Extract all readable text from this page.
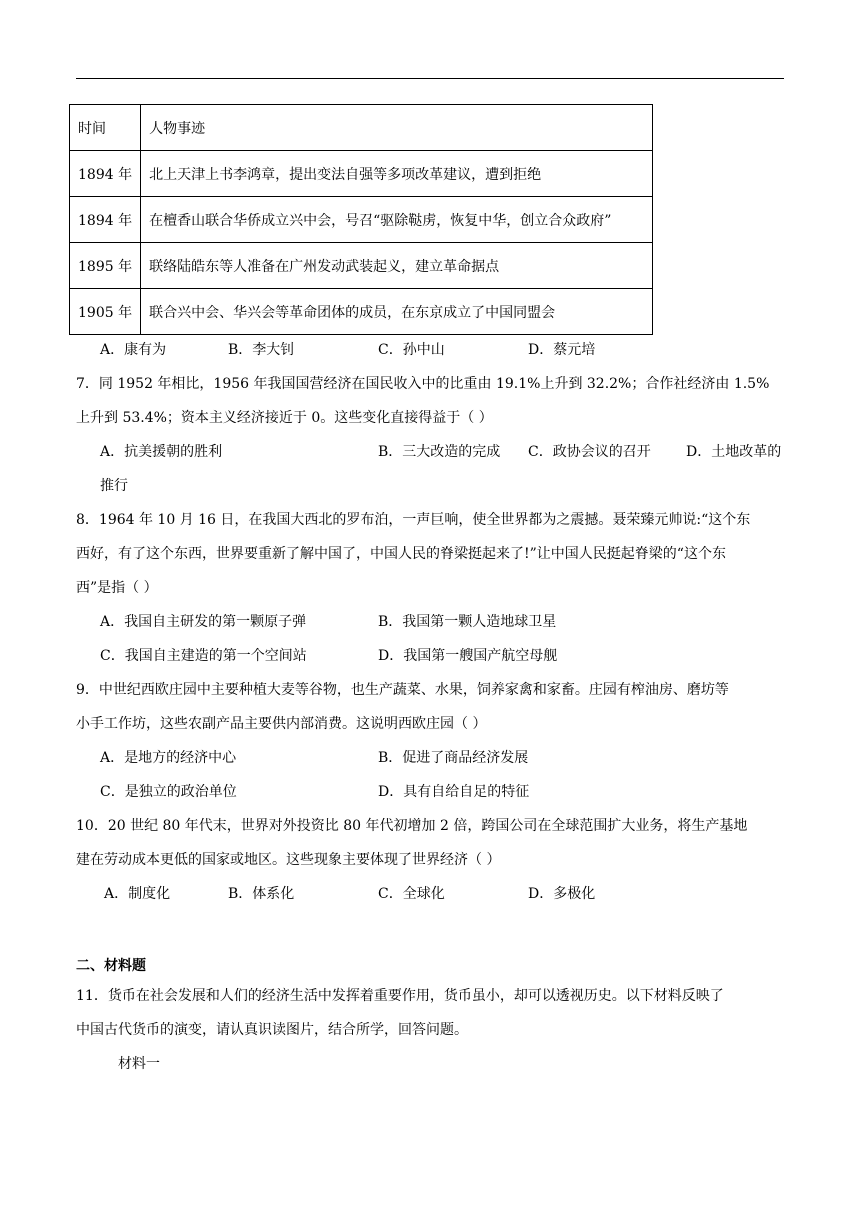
时间	人物事迹
1894 年	北上天津上书李鸿章，提出变法自强等多项改革建议，遭到拒绝
1894 年	在檀香山联合华侨成立兴中会，号召“驱除鞑虏，恢复中华，创立合众政府”
1895 年	联络陆皓东等人准备在广州发动武装起义，建立革命据点
1905 年	联合兴中会、华兴会等革命团体的成员，在东京成立了中国同盟会
A．康有为	B．李大钊	C．孙中山	D．蔡元培
7．同 1952 年相比，1956 年我国国营经济在国民收入中的比重由 19.1%上升到 32.2%；合作社经济由 1.5%
上升到 53.4%；资本主义经济接近于 0。这些变化直接得益于（ ）
A．抗美援朝的胜利	B．三大改造的完成 C．政协会议的召开	D．土地改革的
推行
8．1964 年 10 月 16 日，在我国大西北的罗布泊，一声巨响，使全世界都为之震撼。聂荣臻元帅说:“这个东
西好，有了这个东西，世界要重新了解中国了，中国人民的脊梁挺起来了!”让中国人民挺起脊梁的“这个东
西”是指（ ）
A．我国自主研发的第一颗原子弹	B．我国第一颗人造地球卫星
C．我国自主建造的第一个空间站	D．我国第一艘国产航空母舰
9．中世纪西欧庄园中主要种植大麦等谷物，也生产蔬菜、水果，饲养家禽和家畜。庄园有榨油房、磨坊等
小手工作坊，这些农副产品主要供内部消费。这说明西欧庄园（ ）
A．是地方的经济中心	B．促进了商品经济发展
C．是独立的政治单位	D．具有自给自足的特征
10．20 世纪 80 年代末，世界对外投资比 80 年代初增加 2 倍，跨国公司在全球范围扩大业务，将生产基地
建在劳动成本更低的国家或地区。这些现象主要体现了世界经济（ ）
A．制度化	B．体系化	C．全球化	D．多极化
二、材料题
11．货币在社会发展和人们的经济生活中发挥着重要作用，货币虽小，却可以透视历史。以下材料反映了
中国古代货币的演变，请认真识读图片，结合所学，回答问题。
材料一
